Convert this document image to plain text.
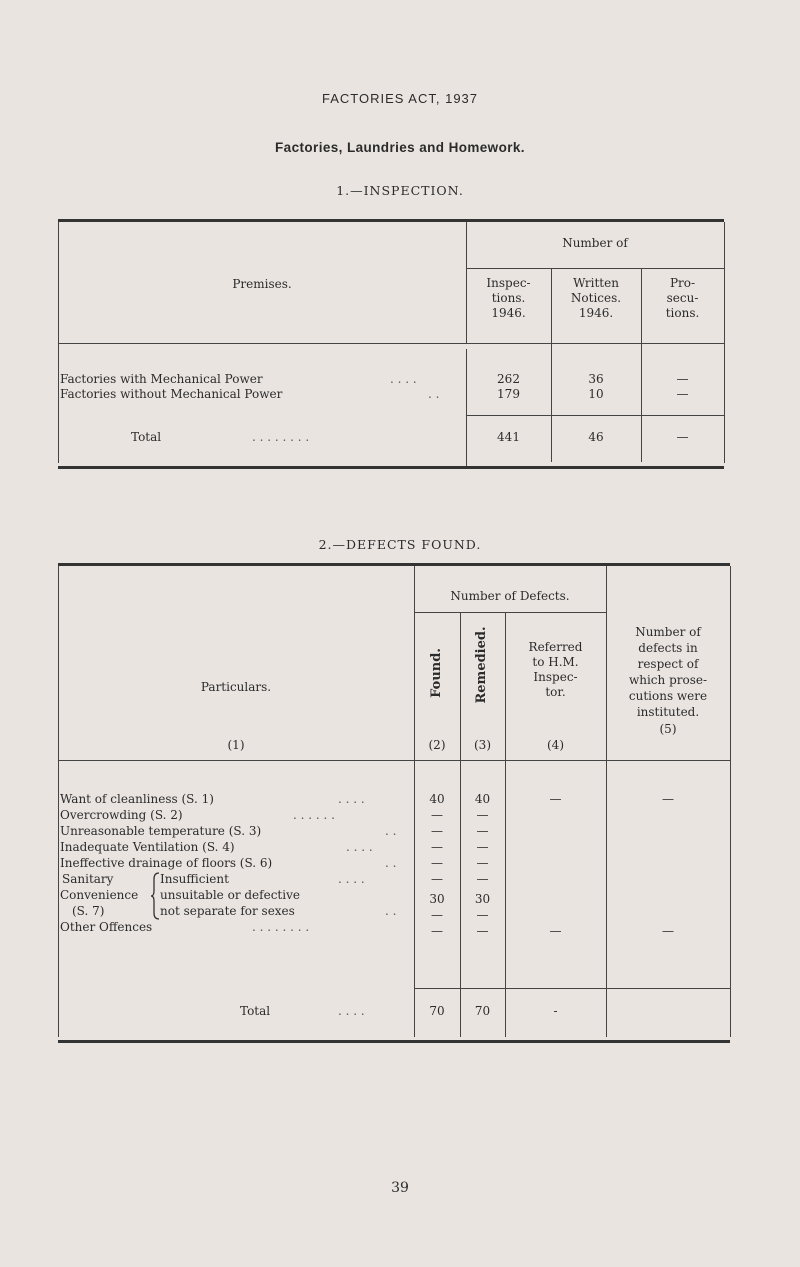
FACTORIES ACT, 1937
Factories, Laundries and Homework.
1.—INSPECTION.
Premises.
Number of
Inspec-
tions.
1946.
Written
Notices.
1946.
Pro-
secu-
tions.
Factories with Mechanical Power	. . . .	262	36	—
Factories without Mechanical Power	. .	179	10	—
Total	. . . . . . . .	441	46	—
2.—DEFECTS FOUND.
Number of Defects.
Particulars.
(1)
Found.
(2)
Remedied.
(3)
Referred
to H.M.
Inspec-
tor.
(4)
Number of
defects in
respect of
which prose-
cutions were
instituted.
(5)
Want of cleanliness (S. 1)	. . . .	40	40	—	—
Overcrowding (S. 2)	. . . . . .	—	—
Unreasonable temperature (S. 3)	. .	—	—
Inadequate Ventilation (S. 4)	. . . .	—	—
Ineffective drainage of floors (S. 6)	. .	—	—
Sanitary
Convenience
(S. 7)
Insufficient	. . . .	—	—
unsuitable or defective	30	30
not separate for sexes	. .	—	—
Other Offences	. . . . . . . .	—	—	—	—
Total	. . . .	70	70	-
39
